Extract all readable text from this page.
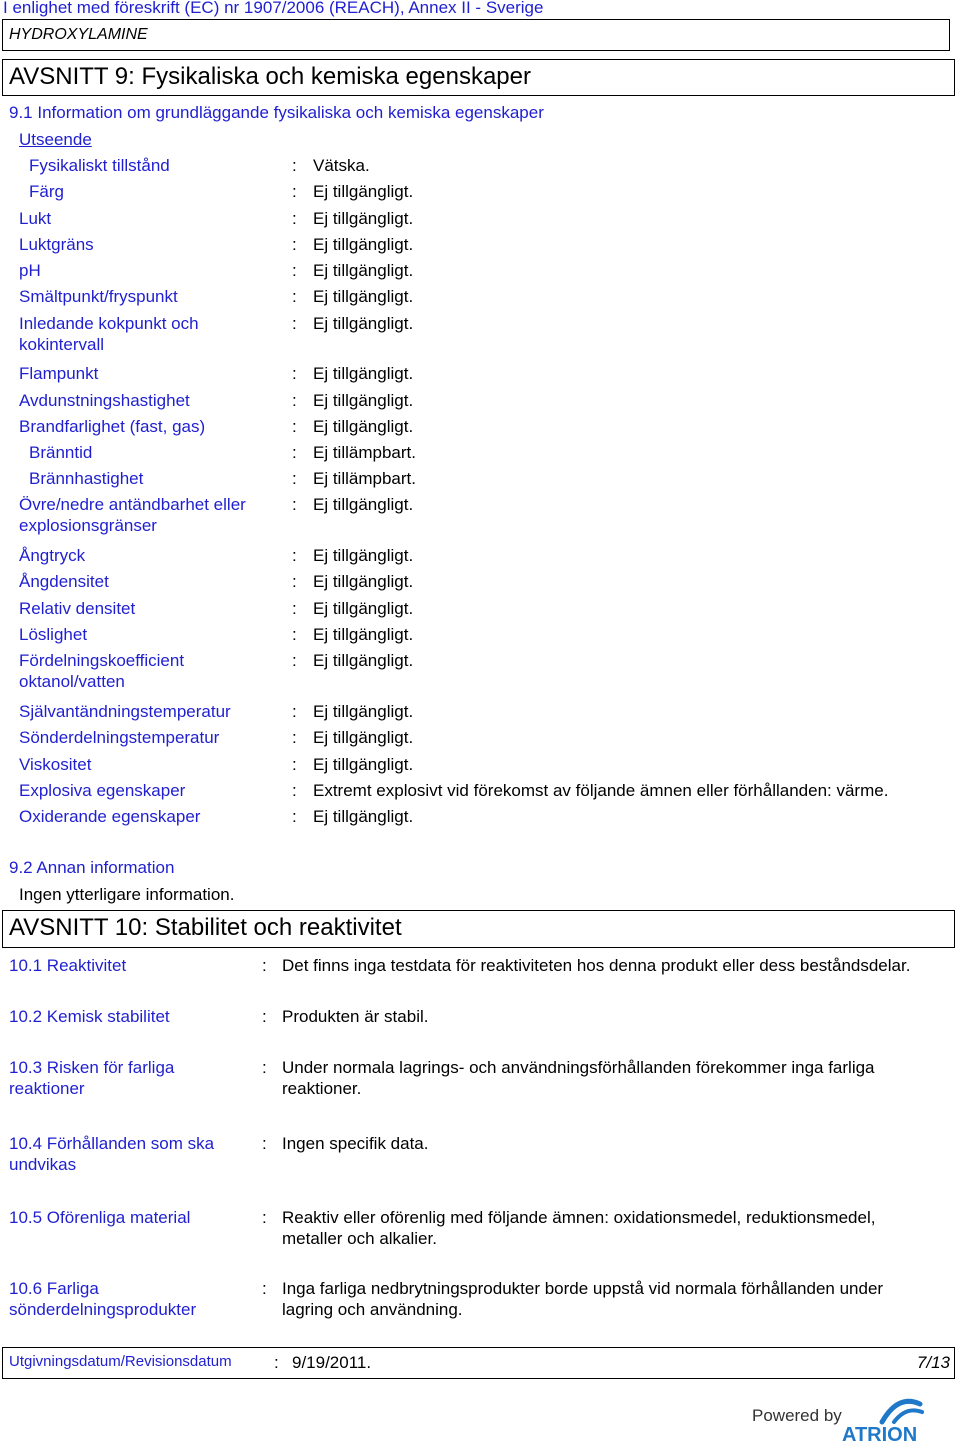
I enlighet med föreskrift (EC) nr 1907/2006 (REACH), Annex II - Sverige
HYDROXYLAMINE
AVSNITT 9: Fysikaliska och kemiska egenskaper
9.1 Information om grundläggande fysikaliska och kemiska egenskaper
Utseende
Fysikaliskt tillstånd	: Vätska.
Färg	: Ej tillgängligt.
Lukt	: Ej tillgängligt.
Luktgräns	: Ej tillgängligt.
pH	: Ej tillgängligt.
Smältpunkt/fryspunkt	: Ej tillgängligt.
Inledande kokpunkt och kokintervall
: Ej tillgängligt.
Flampunkt	: Ej tillgängligt.
Avdunstningshastighet	: Ej tillgängligt.
Brandfarlighet (fast, gas)	: Ej tillgängligt.
Bränntid	: Ej tillämpbart.
Brännhastighet	: Ej tillämpbart.
Övre/nedre antändbarhet eller explosionsgränser
: Ej tillgängligt.
Ångtryck	: Ej tillgängligt.
Ångdensitet	: Ej tillgängligt.
Relativ densitet	: Ej tillgängligt.
Löslighet	: Ej tillgängligt.
Fördelningskoefficient oktanol/vatten
: Ej tillgängligt.
Självantändningstemperatur	: Ej tillgängligt.
Sönderdelningstemperatur	: Ej tillgängligt.
Viskositet	: Ej tillgängligt.
Explosiva egenskaper	: Extremt explosivt vid förekomst av följande ämnen eller förhållanden: värme.
Oxiderande egenskaper	: Ej tillgängligt.
9.2 Annan information
Ingen ytterligare information.
AVSNITT 10: Stabilitet och reaktivitet
10.1 Reaktivitet	: Det finns inga testdata för reaktiviteten hos denna produkt eller dess beståndsdelar.
10.2 Kemisk stabilitet	: Produkten är stabil.
10.3 Risken för farliga reaktioner
: Under normala lagrings- och användningsförhållanden förekommer inga farliga reaktioner.
10.4 Förhållanden som ska undvikas
: Ingen specifik data.
10.5 Oförenliga material	: Reaktiv eller oförenlig med följande ämnen: oxidationsmedel, reduktionsmedel, metaller och alkalier.
10.6 Farliga sönderdelningsprodukter
: Inga farliga nedbrytningsprodukter borde uppstå vid normala förhållanden under lagring och användning.
Utgivningsdatum/Revisionsdatum : 9/19/2011.	7/13
Powered by
ATRION
